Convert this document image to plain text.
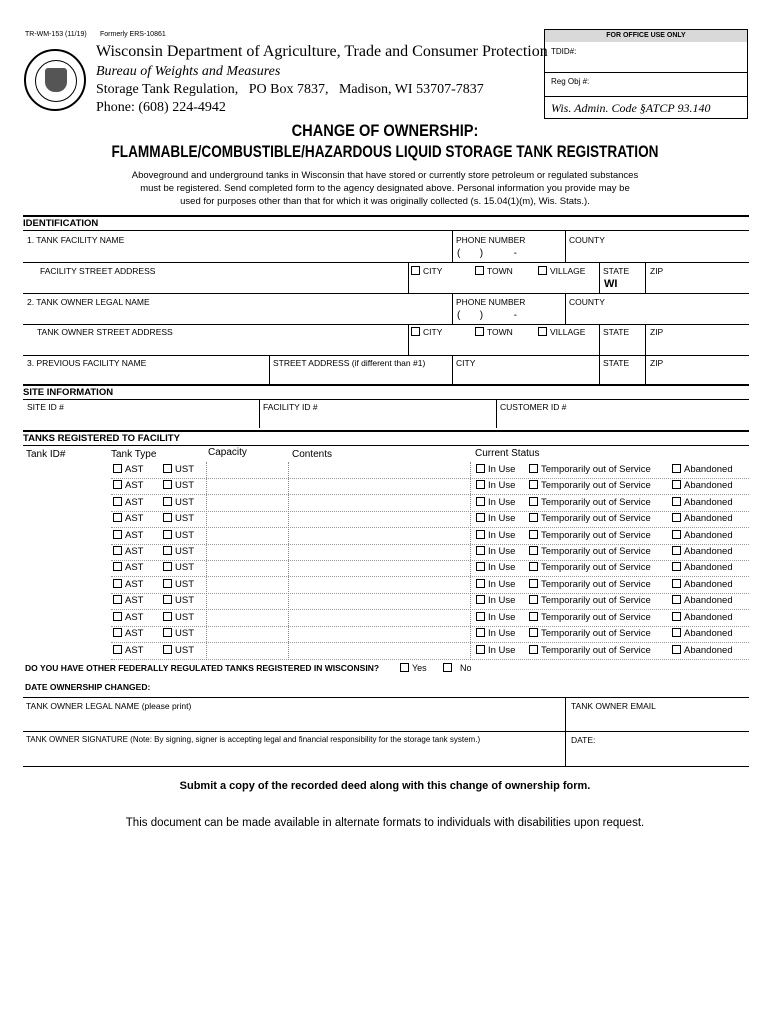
TR-WM-153 (11/19) Formerly ERS-10861
Wisconsin Department of Agriculture, Trade and Consumer Protection
Bureau of Weights and Measures
Storage Tank Regulation,   PO Box 7837,   Madison, WI 53707-7837
Phone: (608) 224-4942
FOR OFFICE USE ONLY
TDID#:
Reg Obj #:
Wis. Admin. Code §ATCP 93.140
CHANGE OF OWNERSHIP:
FLAMMABLE/COMBUSTIBLE/HAZARDOUS LIQUID STORAGE TANK REGISTRATION
Aboveground and underground tanks in Wisconsin that have stored or currently store petroleum or regulated substances
must be registered. Send completed form to the agency designated above. Personal information you provide may be
used for purposes other than that for which it was originally collected (s. 15.04(1)(m), Wis. Stats.).
IDENTIFICATION
1. TANK FACILITY NAME	PHONE NUMBER
(       )           -
COUNTY
FACILITY STREET ADDRESS	CITY	TOWN	VILLAGE STATE
WI
ZIP
2. TANK OWNER LEGAL NAME	PHONE NUMBER
(       )           -
COUNTY
TANK OWNER STREET ADDRESS	CITY	TOWN	VILLAGE STATE ZIP
3. PREVIOUS FACILITY NAME	STREET ADDRESS (if different than #1)	CITY	STATE ZIP
SITE INFORMATION
SITE ID #	FACILITY ID #	CUSTOMER ID #
TANKS REGISTERED TO FACILITY
Tank ID#	Tank Type	Capacity	Contents	Current Status
AST	UST	In Use	Temporarily out of Service	Abandoned
AST	UST	In Use	Temporarily out of Service	Abandoned
AST	UST	In Use	Temporarily out of Service	Abandoned
AST	UST	In Use	Temporarily out of Service	Abandoned
AST	UST	In Use	Temporarily out of Service	Abandoned
AST	UST	In Use	Temporarily out of Service	Abandoned
AST	UST	In Use	Temporarily out of Service	Abandoned
AST	UST	In Use	Temporarily out of Service	Abandoned
AST	UST	In Use	Temporarily out of Service	Abandoned
AST	UST	In Use	Temporarily out of Service	Abandoned
AST	UST	In Use	Temporarily out of Service	Abandoned
AST	UST	In Use	Temporarily out of Service	Abandoned
DO YOU HAVE OTHER FEDERALLY REGULATED TANKS REGISTERED IN WISCONSIN?	Yes	No
DATE OWNERSHIP CHANGED:
TANK OWNER LEGAL NAME (please print)	TANK OWNER EMAIL
TANK OWNER SIGNATURE (Note: By signing, signer is accepting legal and financial responsibility for the storage tank system.)	DATE:
Submit a copy of the recorded deed along with this change of ownership form.
This document can be made available in alternate formats to individuals with disabilities upon request.
